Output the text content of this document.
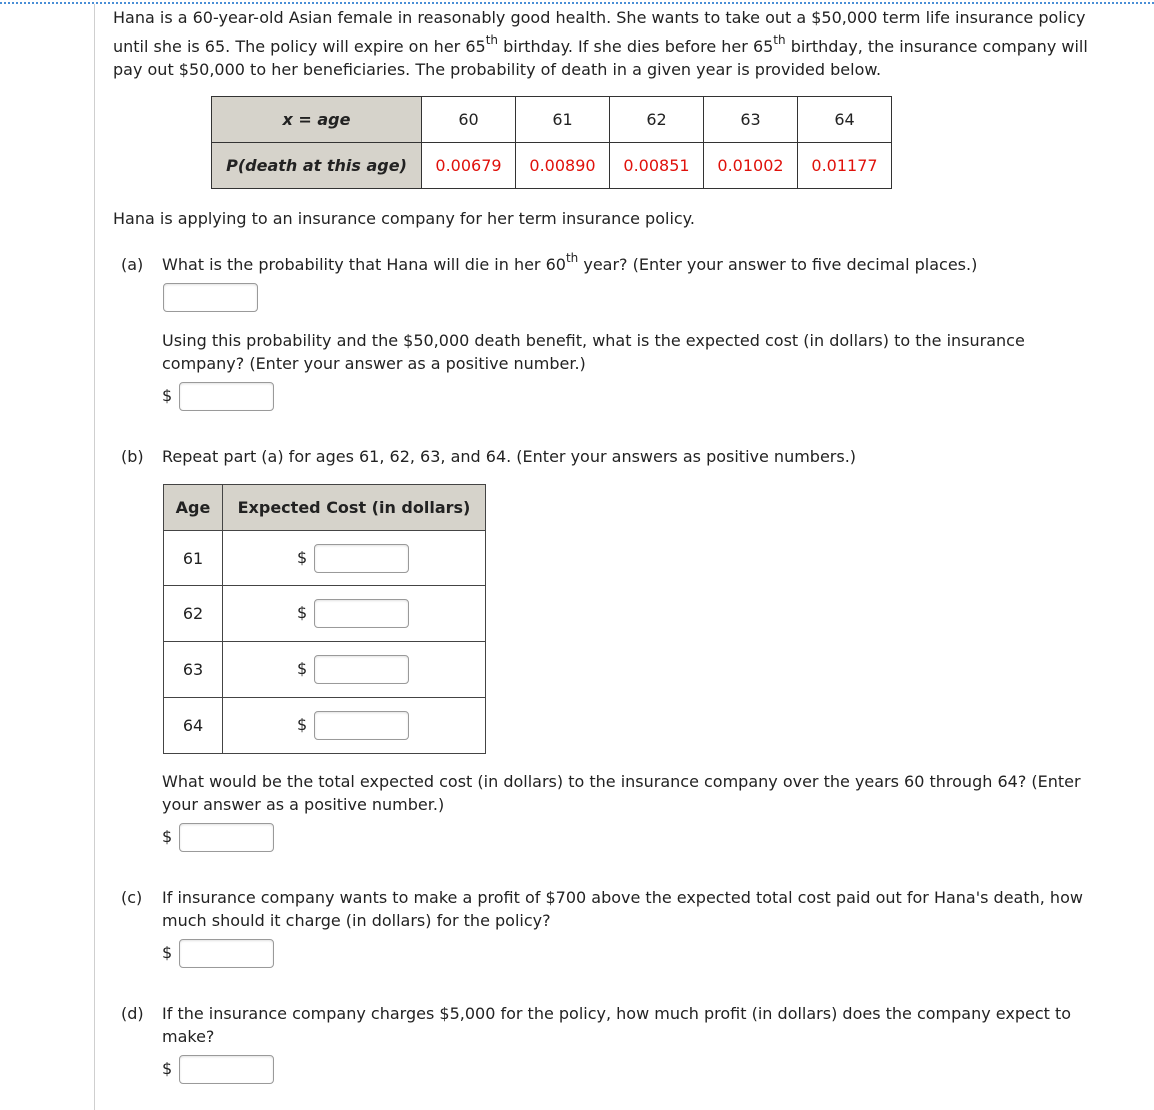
Hana is a 60-year-old Asian female in reasonably good health. She wants to take out a $50,000 term life insurance policy
until she is 65. The policy will expire on her 65th birthday. If she dies before her 65th birthday, the insurance company will
pay out $50,000 to her beneficiaries. The probability of death in a given year is provided below.
x = age	60	61	62	63	64
P(death at this age)	0.00679	0.00890	0.00851	0.01002	0.01177
Hana is applying to an insurance company for her term insurance policy.
(a) What is the probability that Hana will die in her 60th year? (Enter your answer to five decimal places.)
Using this probability and the $50,000 death benefit, what is the expected cost (in dollars) to the insurance
company? (Enter your answer as a positive number.)
$
(b) Repeat part (a) for ages 61, 62, 63, and 64. (Enter your answers as positive numbers.)
Age	Expected Cost (in dollars)
61	$

62	$

63	$

64	$
What would be the total expected cost (in dollars) to the insurance company over the years 60 through 64? (Enter
your answer as a positive number.)
$
(c) If insurance company wants to make a profit of $700 above the expected total cost paid out for Hana's death, how
much should it charge (in dollars) for the policy?
$
(d) If the insurance company charges $5,000 for the policy, how much profit (in dollars) does the company expect to
make?
$
